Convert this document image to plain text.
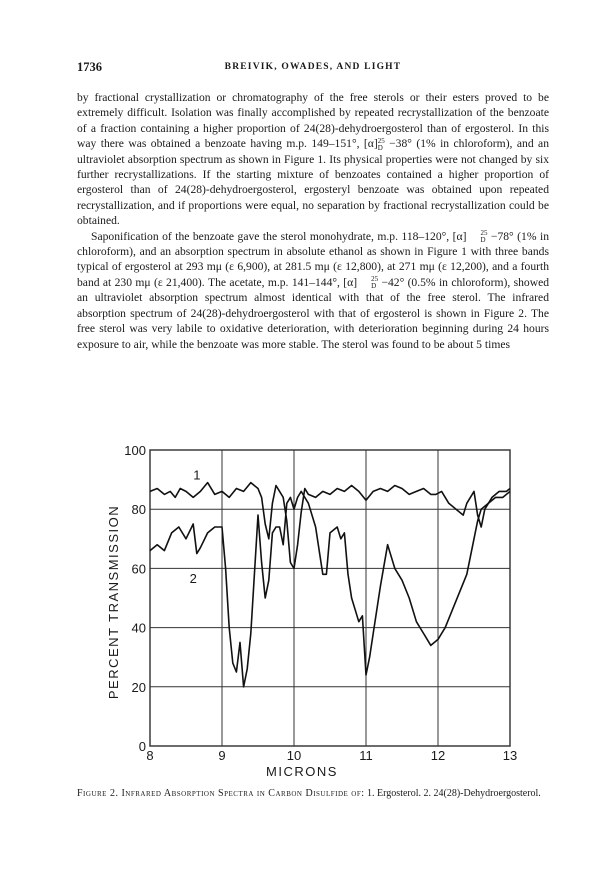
1736	BREIVIK, OWADES, AND LIGHT

by fractional crystallization or chromatography of the free sterols or their esters proved to be extremely difficult. Isolation was finally accomplished by repeated recrystallization of the benzoate of a fraction containing a higher proportion of 24(28)-dehydroergosterol than of ergosterol. In this way there was obtained a benzoate having m.p. 149–151°, [α] 25
D −38° (1% in chloroform), and an ultraviolet absorption spectrum as shown in Figure 1. Its physical properties were not changed by six further recrystallizations. If the starting mixture of benzoates contained a higher proportion of ergosterol than of 24(28)-dehydroergosterol, ergosteryl benzoate was obtained upon repeated recrystallization, and if proportions were equal, no separation by fractional recrystallization could be obtained.

Saponification of the benzoate gave the sterol monohydrate, m.p. 118–120°, [α]	25
D −78° (1% in chloroform), and an absorption spectrum in absolute ethanol as shown in Figure 1 with three bands typical of ergosterol at 293 mμ (ε 6,900), at 281.5 mμ (ε 12,800), at 271 mμ (ε 12,200), and a fourth band at 230 mμ (ε 21,400). The acetate, m.p. 141–144°, [α]	25
D −42° (0.5% in chloroform), showed an ultraviolet absorption spectrum almost identical with that of the free sterol. The infrared absorption spectrum of 24(28)-dehydroergosterol with that of ergosterol is shown in Figure 2. The free sterol was very labile to oxidative deterioration, with deterioration beginning during 24 hours exposure to air, while the benzoate was more stable. The sterol was found to be about 5 times

8	9	10	11	12	13
0
20
40
60
80
100
MICRONS
PERCENT TRANSMISSION
1
2
Figure 2. Infrared Absorption Spectra in Carbon Disulfide of: 1. Ergosterol. 2. 24(28)-Dehydroergosterol.
